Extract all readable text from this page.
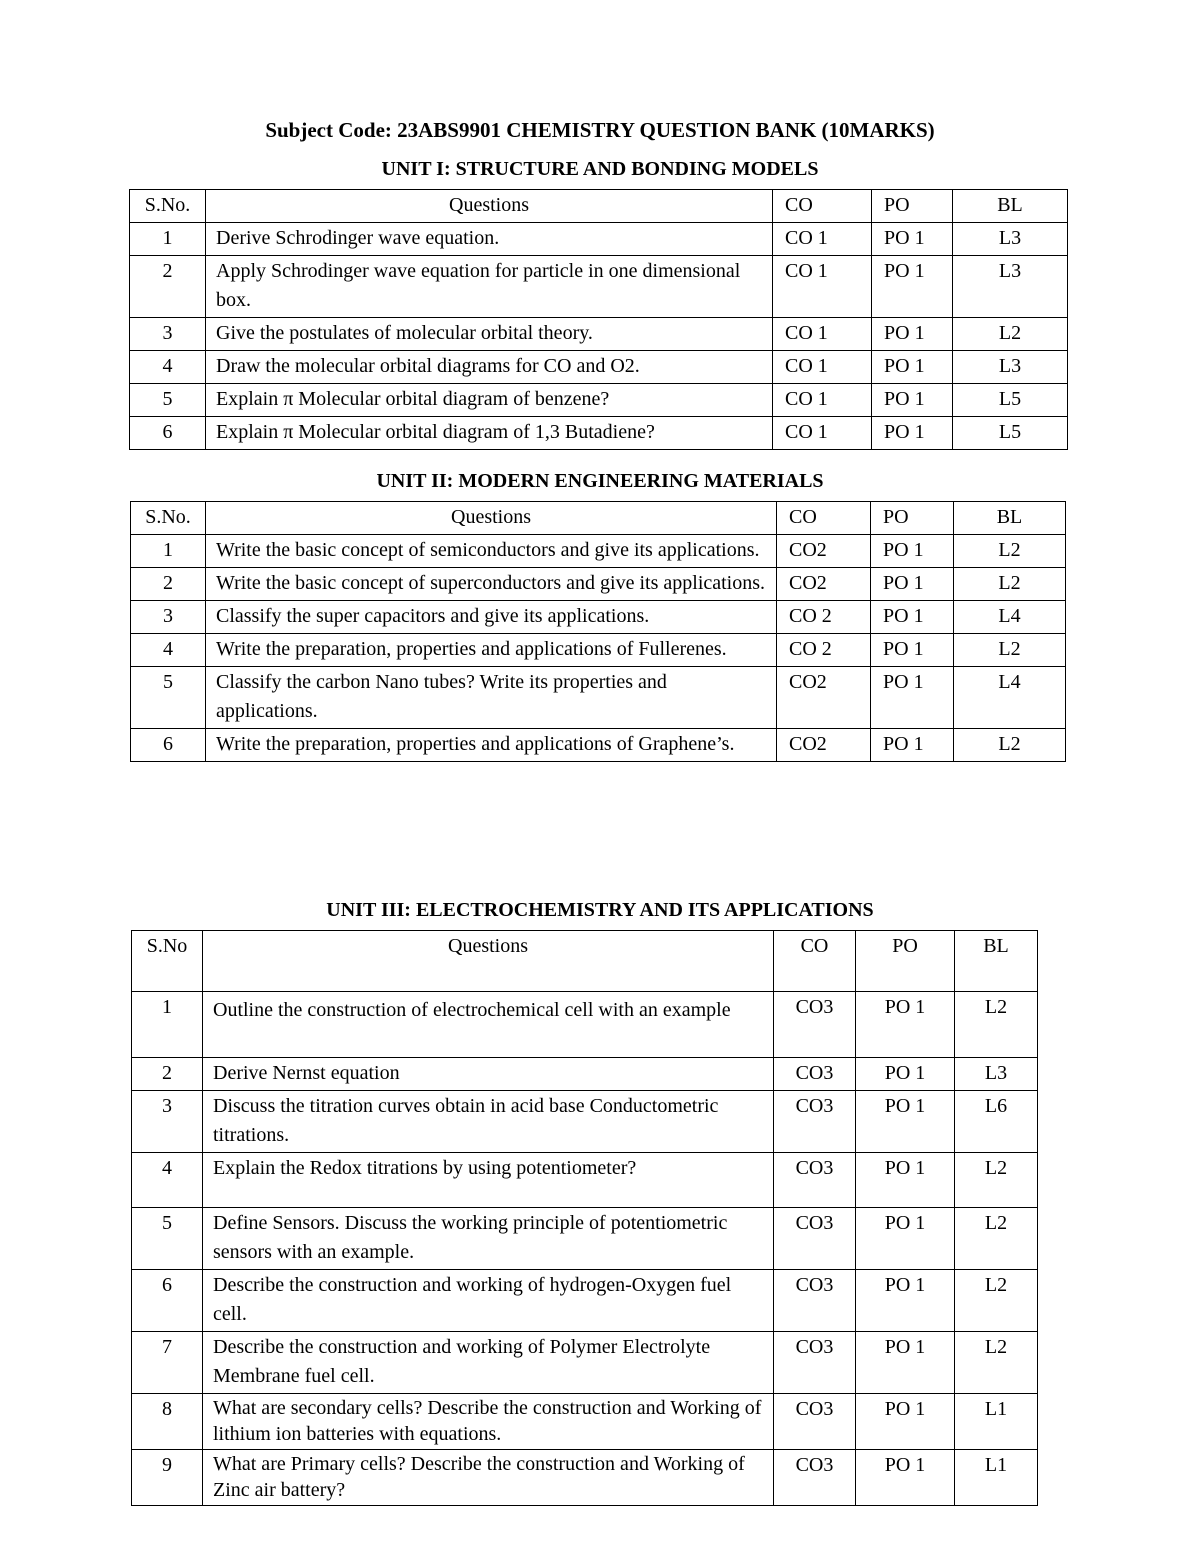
Subject Code: 23ABS9901 CHEMISTRY QUESTION BANK (10MARKS)
UNIT I: STRUCTURE AND BONDING MODELS
S.No.	Questions	CO	PO	BL
1	Derive Schrodinger wave equation.	CO 1	PO 1	L3
2	Apply Schrodinger wave equation for particle in one dimensional box.	CO 1	PO 1	L3
3	Give the postulates of molecular orbital theory.	CO 1	PO 1	L2
4	Draw the molecular orbital diagrams for CO and O2.	CO 1	PO 1	L3
5	Explain π Molecular orbital diagram of benzene?	CO 1	PO 1	L5
6	Explain π Molecular orbital diagram of 1,3 Butadiene?	CO 1	PO 1	L5
UNIT II: MODERN ENGINEERING MATERIALS
S.No.	Questions	CO	PO	BL
1	Write the basic concept of semiconductors and give its applications.	CO2	PO 1	L2
2	Write the basic concept of superconductors and give its applications.	CO2	PO 1	L2
3	Classify the super capacitors and give its applications.	CO 2	PO 1	L4
4	Write the preparation, properties and applications of Fullerenes.	CO 2	PO 1	L2
5	Classify the carbon Nano tubes? Write its properties and applications.	CO2	PO 1	L4
6	Write the preparation, properties and applications of Graphene’s.	CO2	PO 1	L2
UNIT III: ELECTROCHEMISTRY AND ITS APPLICATIONS
S.No	Questions	CO	PO	BL
1	Outline the construction of electrochemical cell with an example	CO3	PO 1	L2
2	Derive Nernst equation	CO3	PO 1	L3
3	Discuss the titration curves obtain in acid base Conductometric titrations.	CO3	PO 1	L6
4	Explain the Redox titrations by using potentiometer?	CO3	PO 1	L2
5	Define Sensors. Discuss the working principle of potentiometric sensors with an example.	CO3	PO 1	L2
6	Describe the construction and working of hydrogen-Oxygen fuel cell.	CO3	PO 1	L2
7	Describe the construction and working of Polymer Electrolyte Membrane fuel cell.	CO3	PO 1	L2
8	What are secondary cells? Describe the construction and Working of lithium ion batteries with equations.	CO3	PO 1	L1
9	What are Primary cells? Describe the construction and Working of Zinc air battery?	CO3	PO 1	L1
